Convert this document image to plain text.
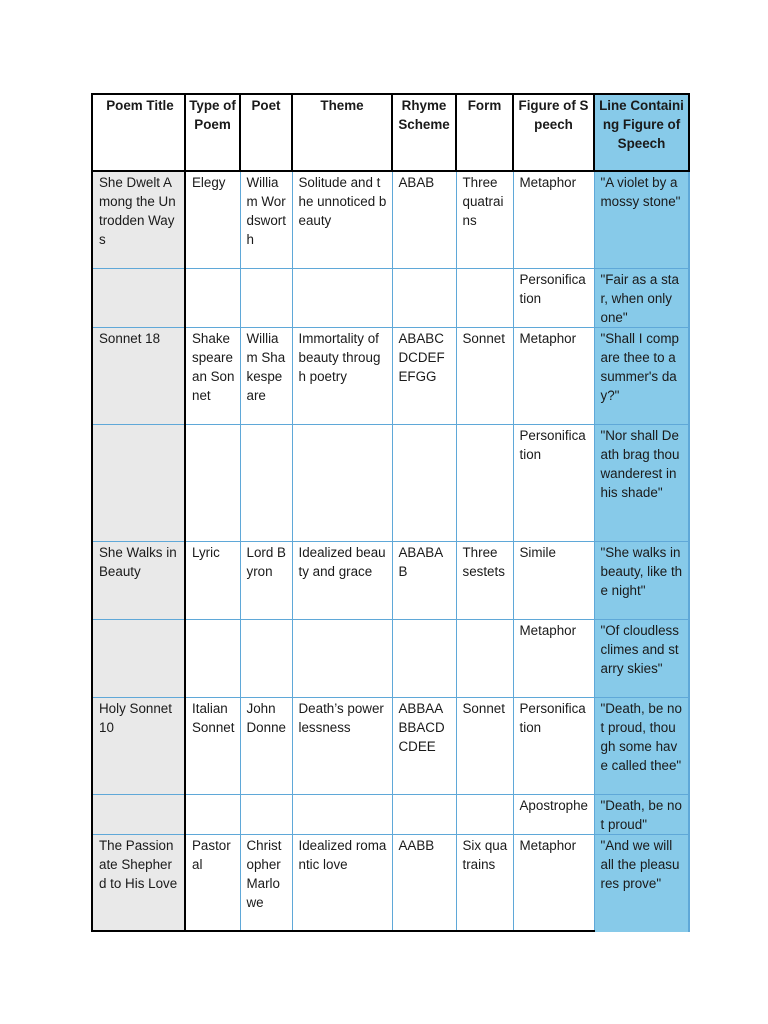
Poem Title	Type of Poem	Poet	Theme	Rhyme Scheme	Form	Figure of Speech	Line Containing Figure of Speech
She Dwelt Among the Untrodden Ways	Elegy	William Wordsworth	Solitude and the unnoticed beauty	ABAB	Three quatrains	Metaphor	"A violet by a mossy stone"
						Personification	"Fair as a star, when only one"
Sonnet 18	Shakespearean Sonnet	William Shakespeare	Immortality of beauty through poetry	ABABCDCDEFEFGG	Sonnet	Metaphor	"Shall I compare thee to a summer's day?"
						Personification	"Nor shall Death brag thou wanderest in his shade"
She Walks in Beauty	Lyric	Lord Byron	Idealized beauty and grace	ABABAB	Three sestets	Simile	"She walks in beauty, like the night"
						Metaphor	"Of cloudless climes and starry skies"
Holy Sonnet 10	Italian Sonnet	John Donne	Death’s powerlessness	ABBAABBACDCDEE	Sonnet	Personification	"Death, be not proud, though some have called thee"
						Apostrophe	"Death, be not proud"
The Passionate Shepherd to His Love	Pastoral	Christopher Marlowe	Idealized romantic love	AABB	Six quatrains	Metaphor	"And we will all the pleasures prove"
